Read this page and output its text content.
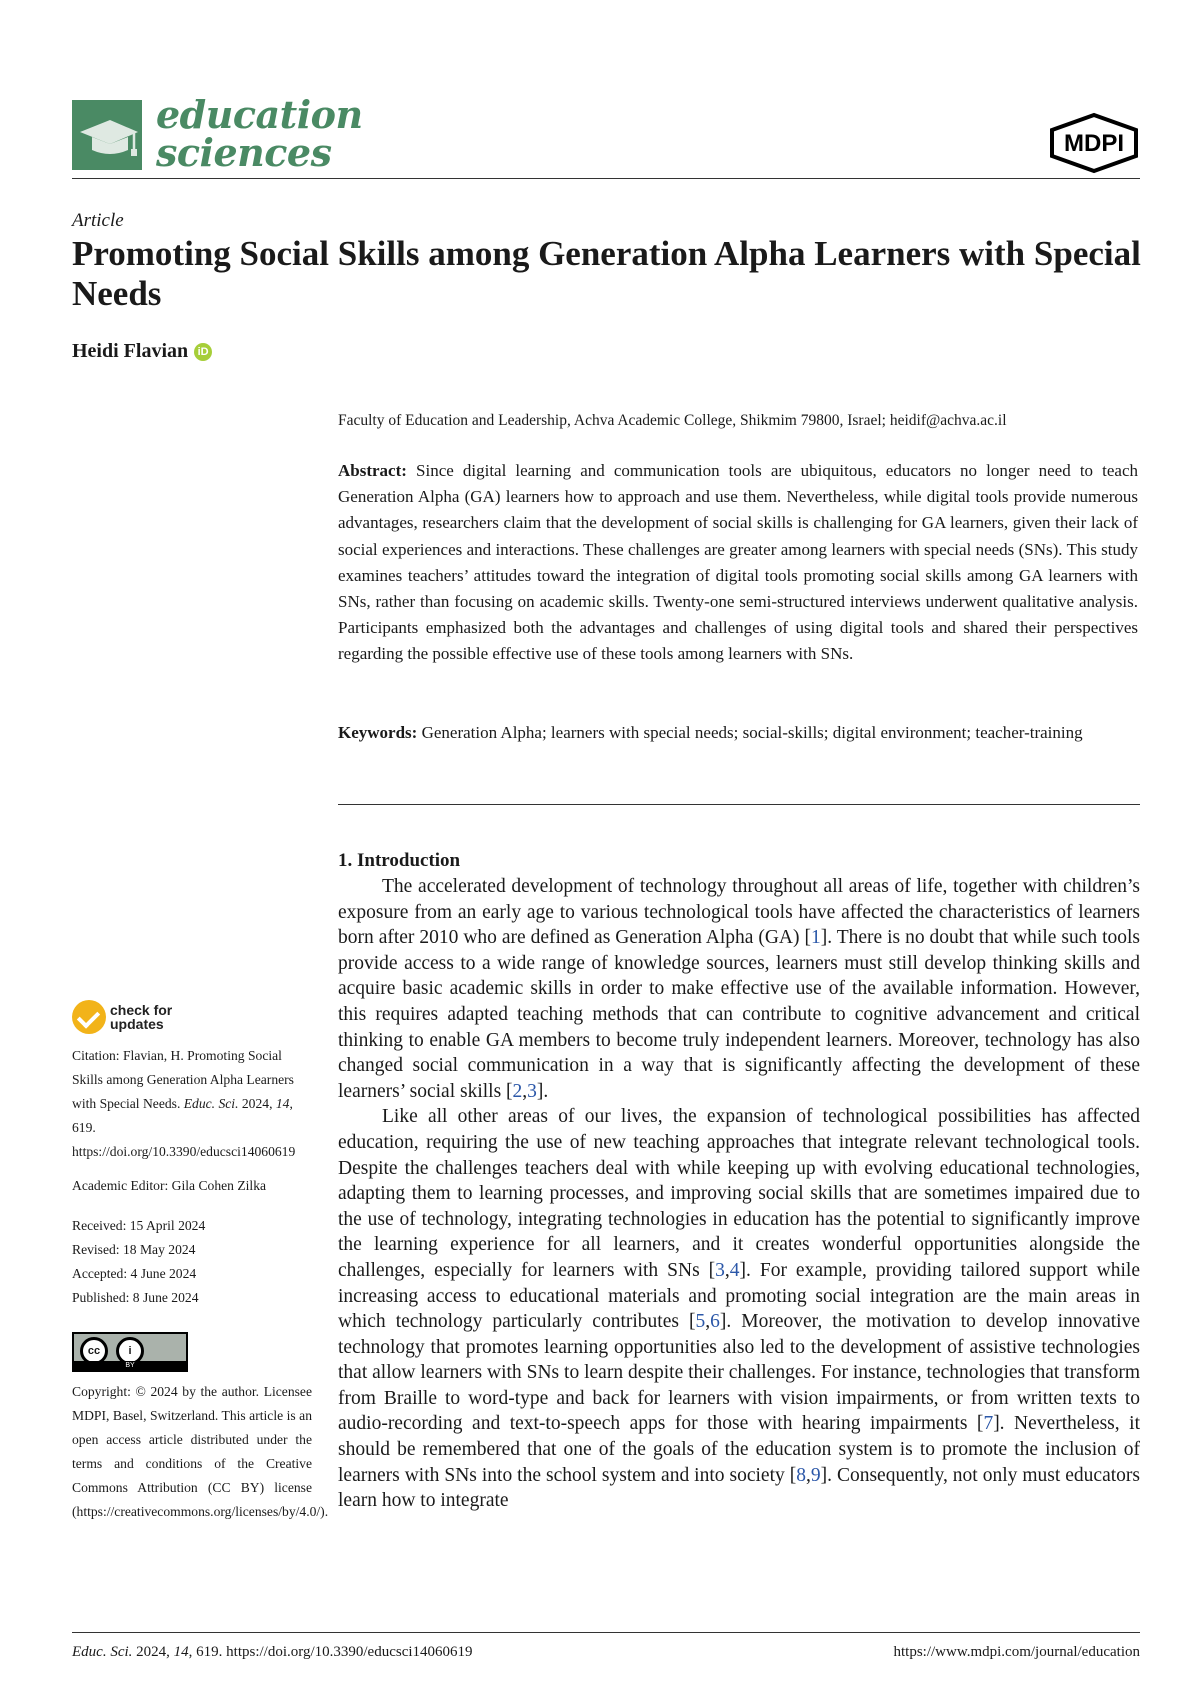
education
sciences	MDPI
Article
Promoting Social Skills among Generation Alpha Learners with Special Needs
Heidi Flavian iD
Faculty of Education and Leadership, Achva Academic College, Shikmim 79800, Israel; heidif@achva.ac.il

Abstract: Since digital learning and communication tools are ubiquitous, educators no longer need to teach Generation Alpha (GA) learners how to approach and use them. Nevertheless, while digital tools provide numerous advantages, researchers claim that the development of social skills is challenging for GA learners, given their lack of social experiences and interactions. These challenges are greater among learners with special needs (SNs). This study examines teachers’ attitudes toward the integration of digital tools promoting social skills among GA learners with SNs, rather than focusing on academic skills. Twenty-one semi-structured interviews underwent qualitative analysis. Participants emphasized both the advantages and challenges of using digital tools and shared their perspectives regarding the possible effective use of these tools among learners with SNs.

Keywords: Generation Alpha; learners with special needs; social-skills; digital environment; teacher-training

1. Introduction

The accelerated development of technology throughout all areas of life, together with children’s exposure from an early age to various technological tools have affected the characteristics of learners born after 2010 who are defined as Generation Alpha (GA) [1]. There is no doubt that while such tools provide access to a wide range of knowledge sources, learners must still develop thinking skills and acquire basic academic skills in order to make effective use of the available information. However, this requires adapted teaching methods that can contribute to cognitive advancement and critical thinking to enable GA members to become truly independent learners. Moreover, technology has also changed social communication in a way that is significantly affecting the development of these learners’ social skills [2,3].

Like all other areas of our lives, the expansion of technological possibilities has affected education, requiring the use of new teaching approaches that integrate relevant technological tools. Despite the challenges teachers deal with while keeping up with evolving educational technologies, adapting them to learning processes, and improving social skills that are sometimes impaired due to the use of technology, integrating technologies in education has the potential to significantly improve the learning experience for all learners, and it creates wonderful opportunities alongside the challenges, especially for learners with SNs [3,4]. For example, providing tailored support while increasing access to educational materials and promoting social integration are the main areas in which technology particularly contributes [5,6]. Moreover, the motivation to develop innovative technology that promotes learning opportunities also led to the development of assistive technologies that allow learners with SNs to learn despite their challenges. For instance, technologies that transform from Braille to word-type and back for learners with vision impairments, or from written texts to audio-recording and text-to-speech apps for those with hearing impairments [7]. Nevertheless, it should be remembered that one of the goals of the education system is to promote the inclusion of learners with SNs into the school system and into society [8,9]. Consequently, not only must educators learn how to integrate

check for
updates
Citation: Flavian, H. Promoting Social Skills among Generation Alpha Learners with Special Needs. Educ. Sci. 2024, 14, 619. https://doi.org/10.3390/educsci14060619
Academic Editor: Gila Cohen Zilka
Received: 15 April 2024
Revised: 18 May 2024
Accepted: 4 June 2024
Published: 8 June 2024
cc	i
BY
Copyright: © 2024 by the author. Licensee MDPI, Basel, Switzerland. This article is an open access article distributed under the terms and conditions of the Creative Commons Attribution (CC BY) license (https://creativecommons.org/licenses/by/4.0/).
Educ. Sci. 2024, 14, 619. https://doi.org/10.3390/educsci14060619	https://www.mdpi.com/journal/education
